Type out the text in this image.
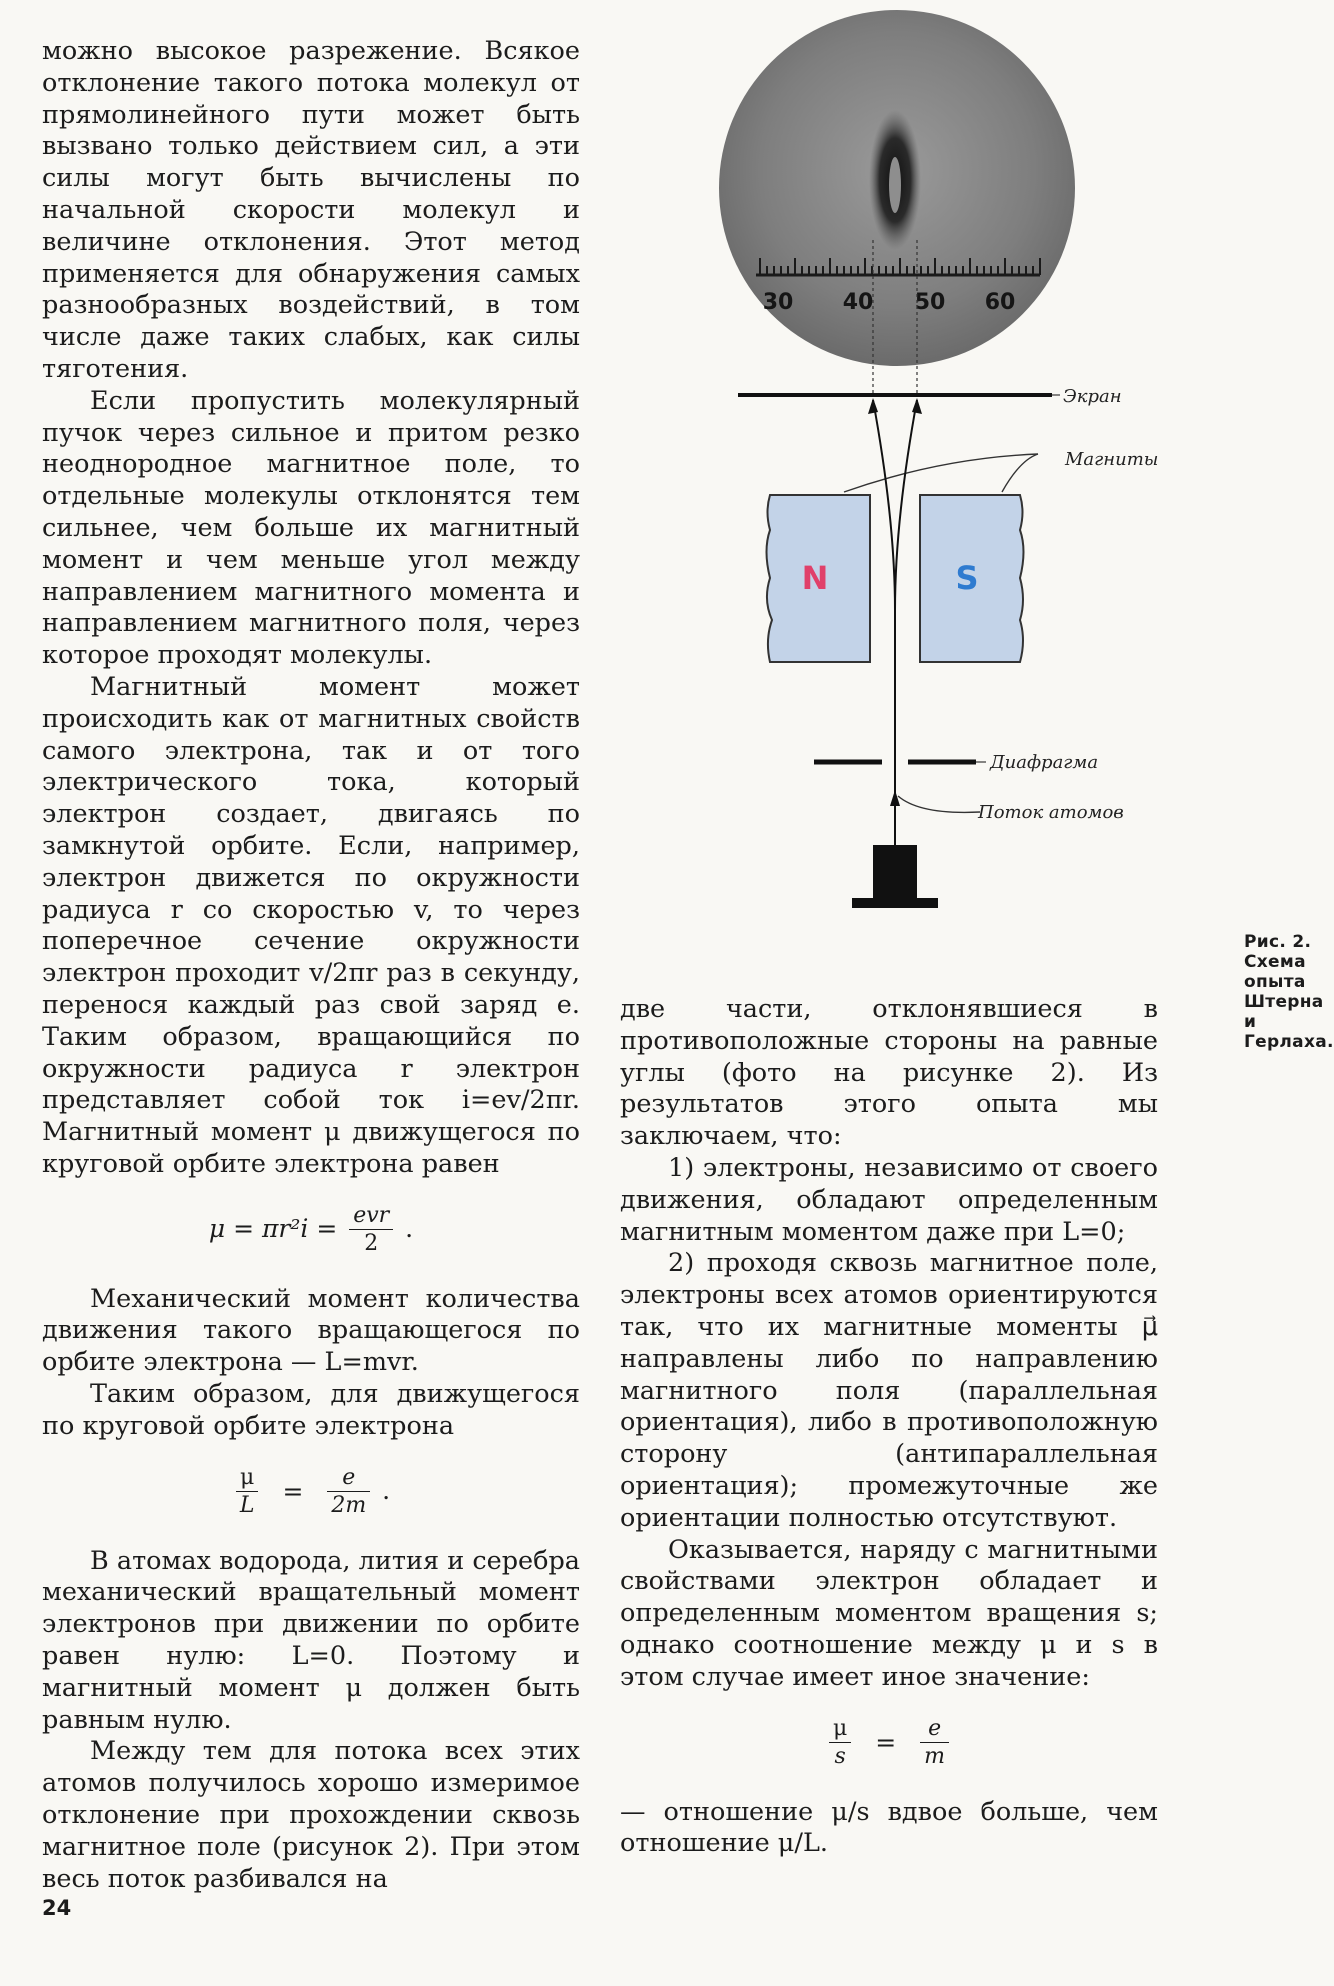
можно высокое разрежение. Всякое отклонение такого потока молекул от прямолинейного пути может быть вызвано только действием сил, а эти силы могут быть вычислены по начальной скорости молекул и величине отклонения. Этот метод применяется для обнаружения самых разнообразных воздействий, в том числе даже таких слабых, как силы тяготения.

Если пропустить молекулярный пучок через сильное и притом резко неоднородное магнитное поле, то отдельные молекулы отклонятся тем сильнее, чем больше их магнитный момент и чем меньше угол между направлением магнитного момента и направлением магнитного поля, через которое проходят молекулы.

Магнитный момент может происходить как от магнитных свойств самого электрона, так и от того электрического тока, который электрон создает, двигаясь по замкнутой орбите. Если, например, электрон движется по окружности радиуса r со скоростью v, то через поперечное сечение окружности электрон проходит v/2πr раз в секунду, перенося каждый раз свой заряд e. Таким образом, вращающийся по окружности радиуса r электрон представляет собой ток i=ev/2πr. Магнитный момент μ движущегося по круговой орбите электрона равен

$\mu = \pi r^2i = \frac{\text{evr}}{2}$ .

Механический момент количества движения такого вращающегося по орбите электрона — L=mvr.

Таким образом, для движущегося по круговой орбите электрона

$\frac{\mu}{L} = \frac{e}{2m}$ .

В атомах водорода, лития и серебра механический вращательный момент электронов при движении по орбите равен нулю: L=0. Поэтому и магнитный момент μ должен быть равным нулю.

Между тем для потока всех этих атомов получилось хорошо измеримое отклонение при прохождении сквозь магнитное поле (рисунок 2). При этом весь поток разбивался на

30 40 50 60
Экран
N	S
Магниты
Диафрагма
Поток атомов
Рис. 2. Схема опыта Штерна и Герлаха.

две части, отклонявшиеся в противоположные стороны на равные углы (фото на рисунке 2). Из результатов этого опыта мы заключаем, что:

1) электроны, независимо от своего движения, обладают определенным магнитным моментом даже при L=0;

2) проходя сквозь магнитное поле, электроны всех атомов ориентируются так, что их магнитные моменты μ⃗ направлены либо по направлению магнитного поля (параллельная ориентация), либо в противоположную сторону (антипараллельная ориентация); промежуточные же ориентации полностью отсутствуют.

Оказывается, наряду с магнитными свойствами электрон обладает и определенным моментом вращения s; однако соотношение между μ и s в этом случае имеет иное значение:

$\frac{\mu}{s} = \frac{e}{m}$

— отношение μ/s вдвое больше, чем отношение μ/L.

24
